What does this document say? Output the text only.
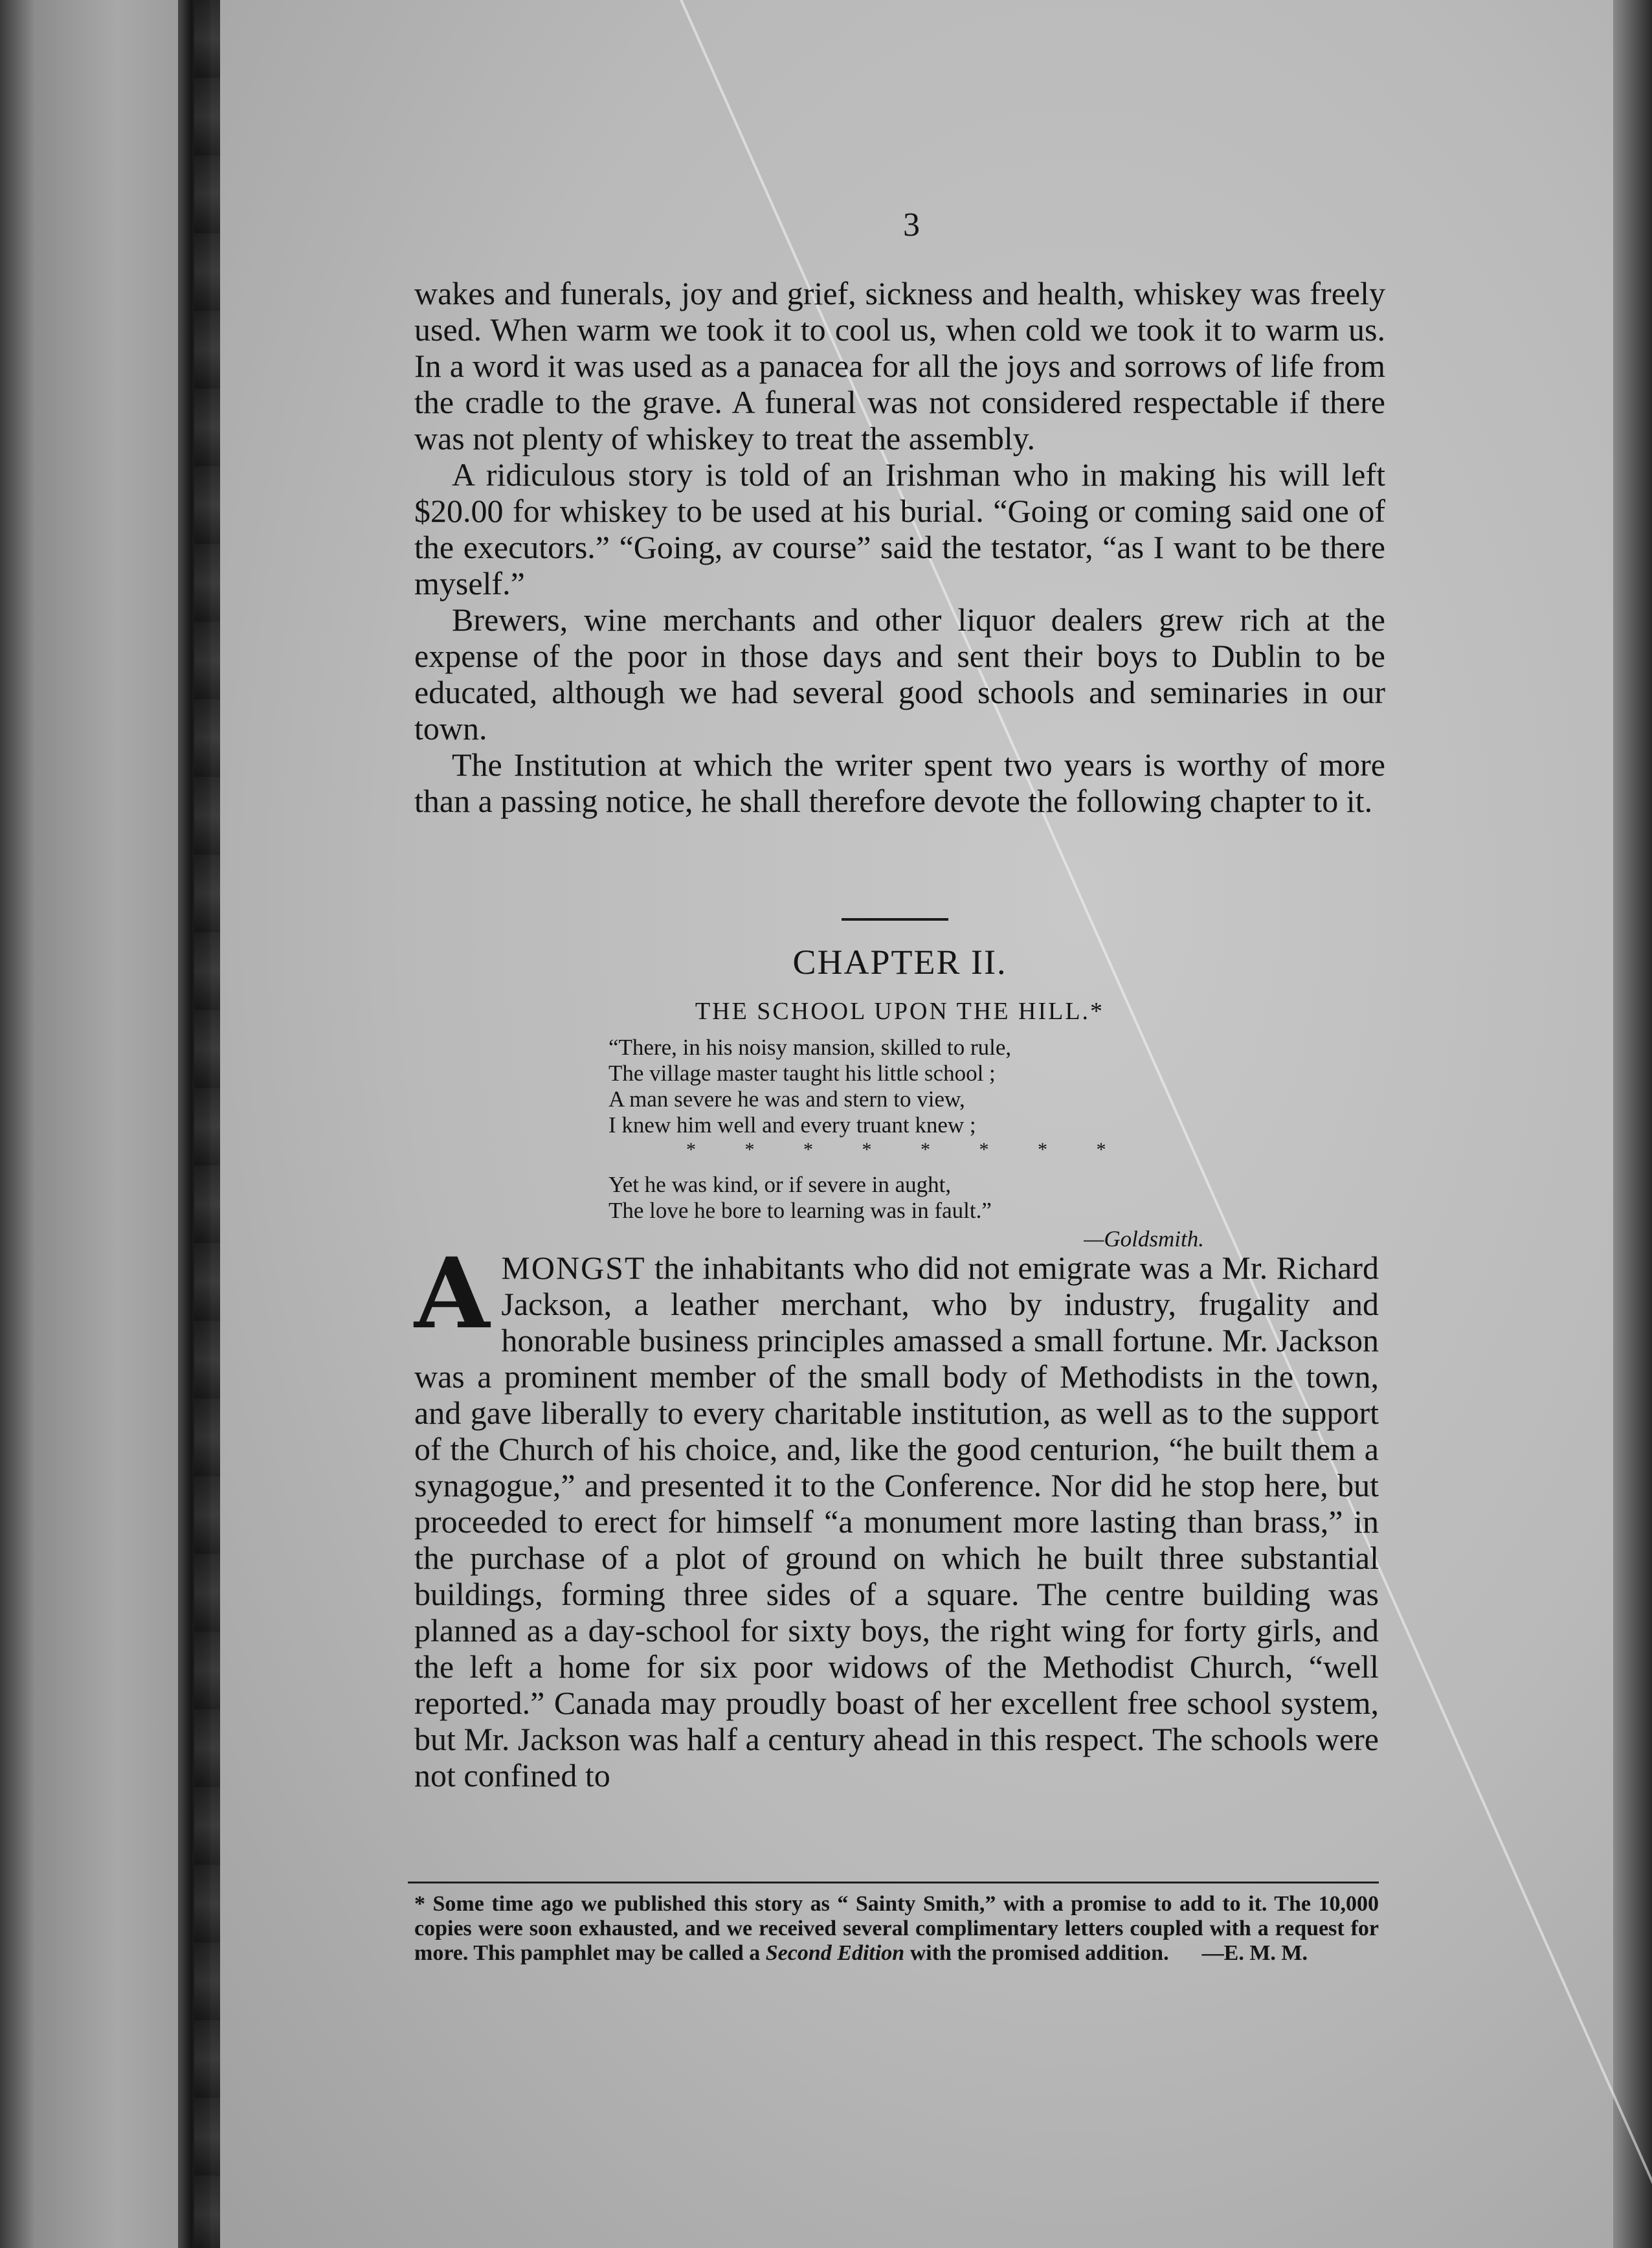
3

wakes and funerals, joy and grief, sickness and health, whiskey was freely used. When warm we took it to cool us, when cold we took it to warm us. In a word it was used as a panacea for all the joys and sorrows of life from the cradle to the grave. A funeral was not considered respectable if there was not plenty of whiskey to treat the assembly.

A ridiculous story is told of an Irishman who in making his will left $20.00 for whiskey to be used at his burial. “Going or coming said one of the executors.” “Going, av course” said the testator, “as I want to be there myself.”

Brewers, wine merchants and other liquor dealers grew rich at the expense of the poor in those days and sent their boys to Dublin to be educated, although we had several good schools and seminaries in our town.

The Institution at which the writer spent two years is worthy of more than a passing notice, he shall therefore devote the following chapter to it.

CHAPTER II.
THE SCHOOL UPON THE HILL.*
“There, in his noisy mansion, skilled to rule,
The village master taught his little school ;
A man severe he was and stern to view,
I knew him well and every truant knew ;
* * * * * * * *
Yet he was kind, or if severe in aught,
The love he bore to learning was in fault.”
—Goldsmith.
AMONGST the inhabitants who did not emigrate was a Mr. Richard Jackson, a leather merchant, who by industry, frugality and honorable business principles amassed a small fortune. Mr. Jackson was a prominent member of the small body of Methodists in the town, and gave liberally to every charitable institution, as well as to the support of the Church of his choice, and, like the good centurion, “he built them a synagogue,” and presented it to the Conference. Nor did he stop here, but proceeded to erect for himself “a monument more lasting than brass,” in the purchase of a plot of ground on which he built three substantial buildings, forming three sides of a square. The centre building was planned as a day-school for sixty boys, the right wing for forty girls, and the left a home for six poor widows of the Methodist Church, “well reported.” Canada may proudly boast of her excellent free school system, but Mr. Jackson was half a century ahead in this respect. The schools were not confined to
* Some time ago we published this story as “ Sainty Smith,” with a promise to add to it. The 10,000 copies were soon exhausted, and we received several complimentary letters coupled with a request for more. This pamphlet may be called a Second Edition with the promised addition. —E. M. M.
